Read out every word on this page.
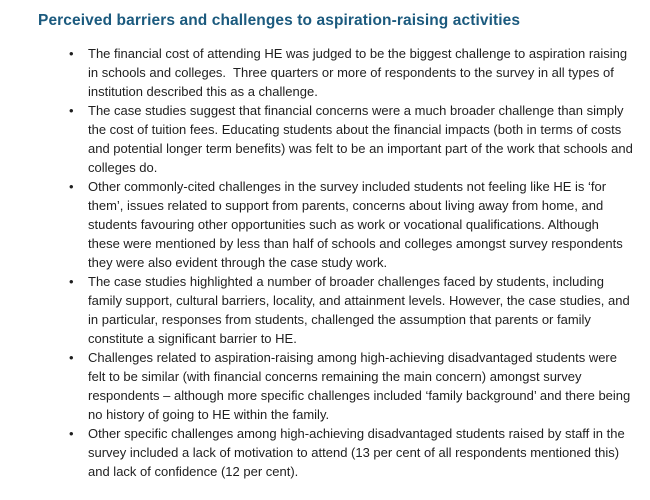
Perceived barriers and challenges to aspiration-raising activities
• The financial cost of attending HE was judged to be the biggest challenge to aspiration raising in schools and colleges.  Three quarters or more of respondents to the survey in all types of institution described this as a challenge.
• The case studies suggest that financial concerns were a much broader challenge than simply the cost of tuition fees. Educating students about the financial impacts (both in terms of costs and potential longer term benefits) was felt to be an important part of the work that schools and colleges do.
• Other commonly-cited challenges in the survey included students not feeling like HE is ‘for them’, issues related to support from parents, concerns about living away from home, and students favouring other opportunities such as work or vocational qualifications. Although these were mentioned by less than half of schools and colleges amongst survey respondents they were also evident through the case study work.
• The case studies highlighted a number of broader challenges faced by students, including family support, cultural barriers, locality, and attainment levels. However, the case studies, and in particular, responses from students, challenged the assumption that parents or family constitute a significant barrier to HE.
• Challenges related to aspiration-raising among high-achieving disadvantaged students were felt to be similar (with financial concerns remaining the main concern) amongst survey respondents – although more specific challenges included ‘family background’ and there being no history of going to HE within the family.
• Other specific challenges among high-achieving disadvantaged students raised by staff in the survey included a lack of motivation to attend (13 per cent of all respondents mentioned this) and lack of confidence (12 per cent).
